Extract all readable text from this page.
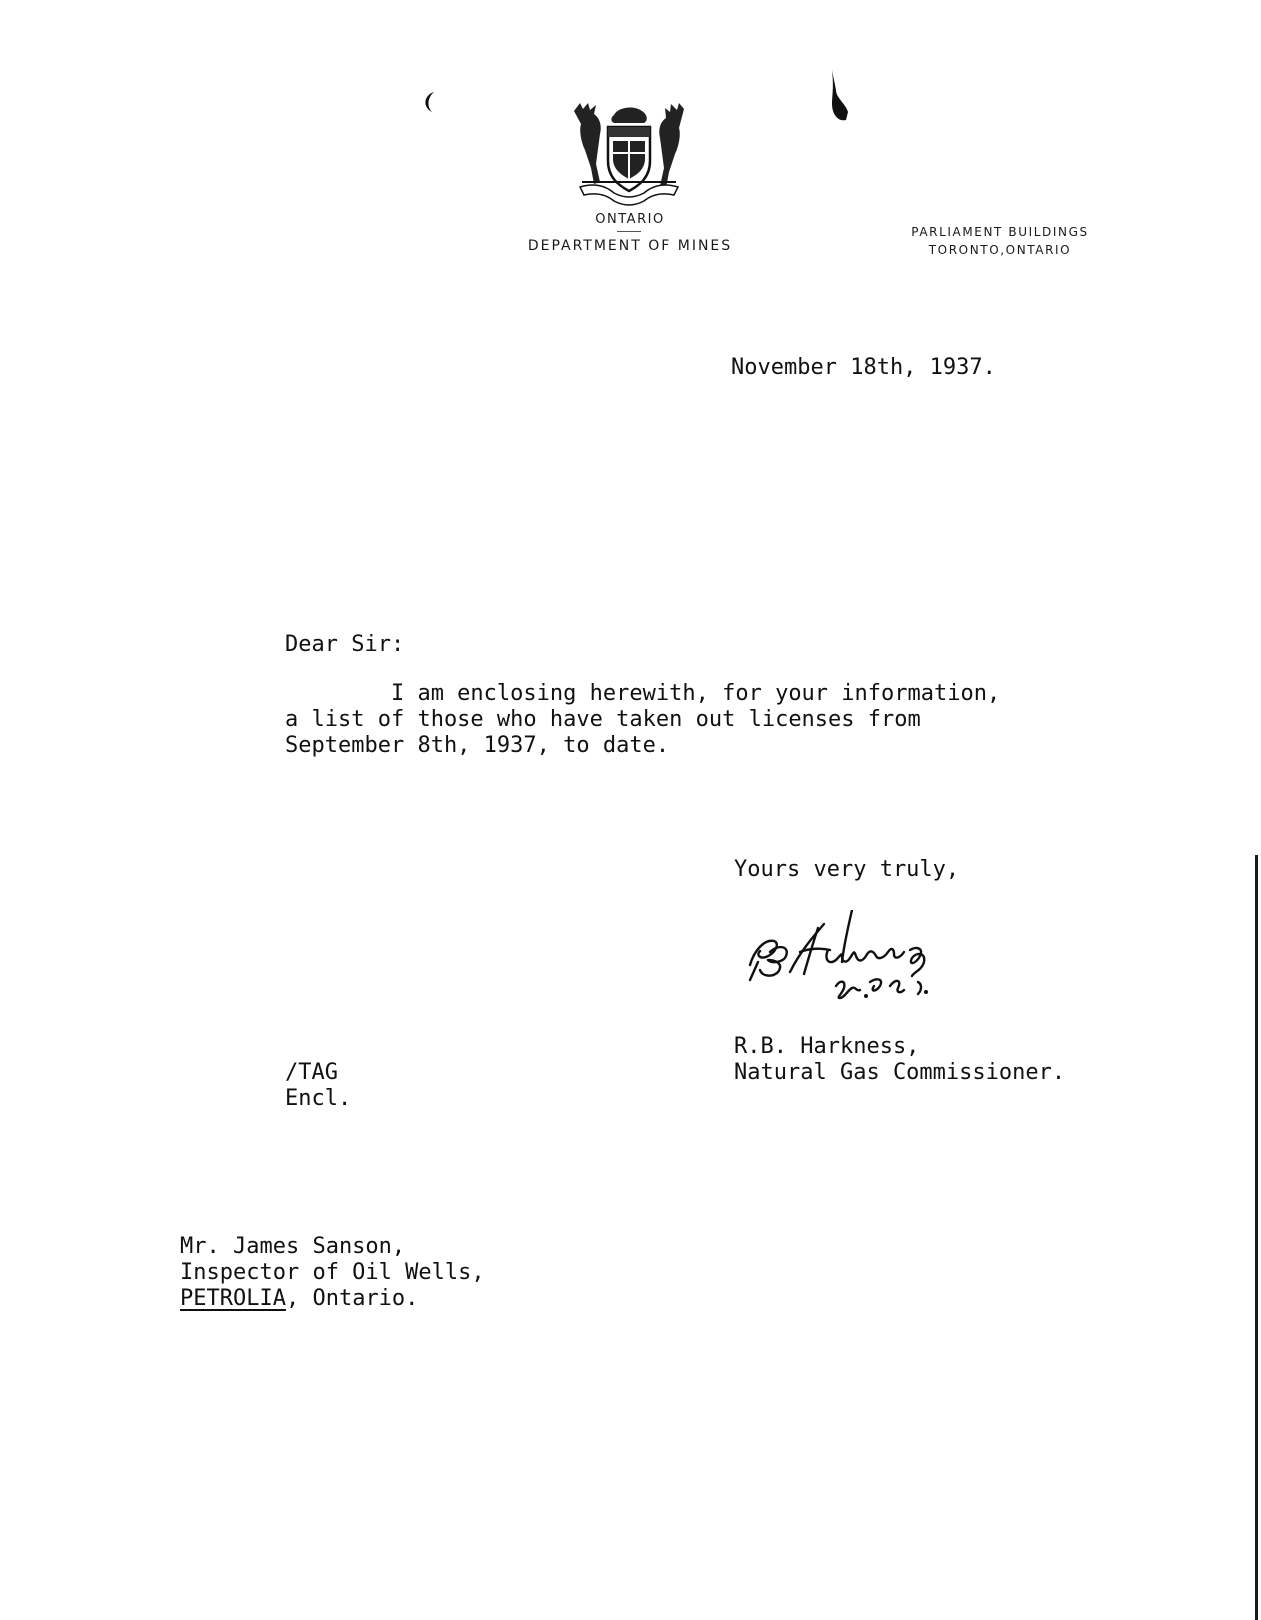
ONTARIO
DEPARTMENT OF MINES
PARLIAMENT BUILDINGS
TORONTO,ONTARIO
November 18th, 1937.
Dear Sir:
I am enclosing herewith, for your information,
a list of those who have taken out licenses from
September 8th, 1937, to date.
Yours very truly,
R.B. Harkness,
Natural Gas Commissioner.
/TAG
Encl.
Mr. James Sanson,
Inspector of Oil Wells,
PETROLIA, Ontario.
